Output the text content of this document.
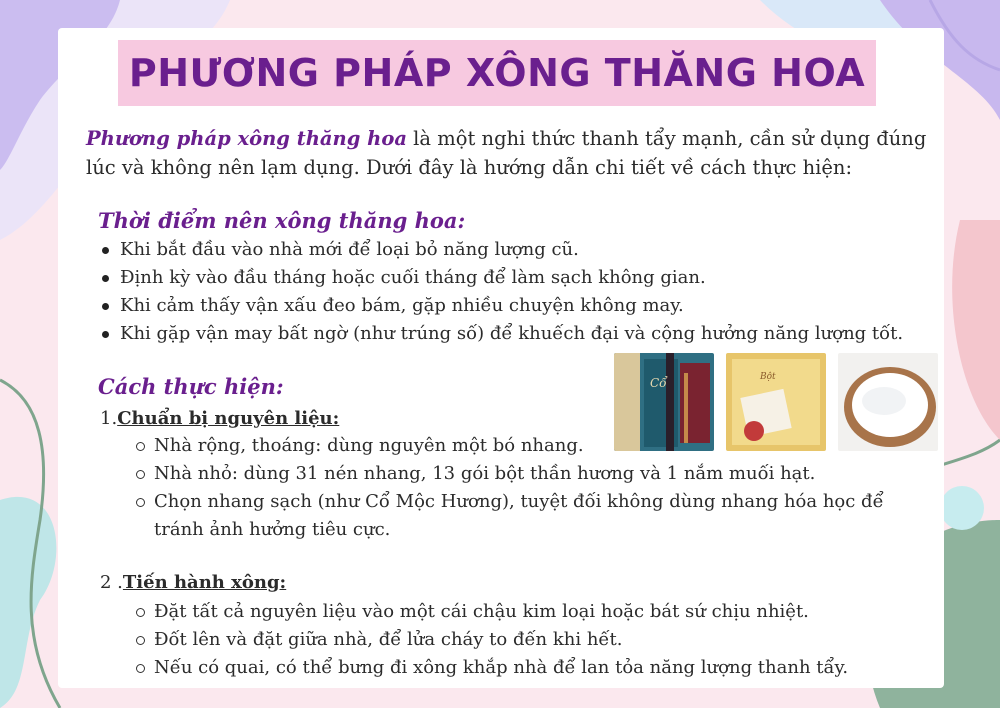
PHƯƠNG PHÁP XÔNG THĂNG HOA

Phương pháp xông thăng hoa là một nghi thức thanh tẩy mạnh, cần sử dụng đúng lúc và không nên lạm dụng. Dưới đây là hướng dẫn chi tiết về cách thực hiện:

Thời điểm nên xông thăng hoa:
Khi bắt đầu vào nhà mới để loại bỏ năng lượng cũ.
Định kỳ vào đầu tháng hoặc cuối tháng để làm sạch không gian.
Khi cảm thấy vận xấu đeo bám, gặp nhiều chuyện không may.
Khi gặp vận may bất ngờ (như trúng số) để khuếch đại và cộng hưởng năng lượng tốt.
Cách thực hiện:	Cổ	Bột

1.Chuẩn bị nguyên liệu:

Nhà rộng, thoáng: dùng nguyên một bó nhang.
Nhà nhỏ: dùng 31 nén nhang, 13 gói bột thần hương và 1 nắm muối hạt.
Chọn nhang sạch (như Cổ Mộc Hương), tuyệt đối không dùng nhang hóa học để tránh ảnh hưởng tiêu cực.

2 .Tiến hành xông:

Đặt tất cả nguyên liệu vào một cái chậu kim loại hoặc bát sứ chịu nhiệt.
Đốt lên và đặt giữa nhà, để lửa cháy to đến khi hết.
Nếu có quai, có thể bưng đi xông khắp nhà để lan tỏa năng lượng thanh tẩy.
